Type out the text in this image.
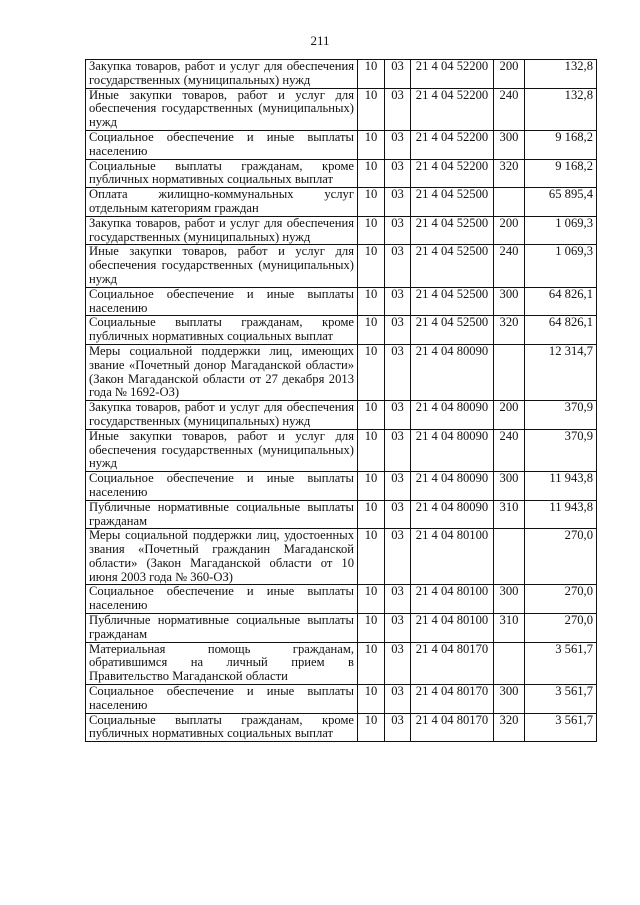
211
Закупка товаров, работ и услуг для обеспечения государственных (муниципальных) нужд	10	03	21 4 04 52200	200	132,8
Иные закупки товаров, работ и услуг для обеспечения государственных (муниципальных) нужд	10	03	21 4 04 52200	240	132,8
Социальное обеспечение и иные выплаты населению	10	03	21 4 04 52200	300	9 168,2
Социальные выплаты гражданам, кроме публичных нормативных социальных выплат	10	03	21 4 04 52200	320	9 168,2
Оплата жилищно-коммунальных услуг отдельным категориям граждан	10	03	21 4 04 52500		65 895,4
Закупка товаров, работ и услуг для обеспечения государственных (муниципальных) нужд	10	03	21 4 04 52500	200	1 069,3
Иные закупки товаров, работ и услуг для обеспечения государственных (муниципальных) нужд	10	03	21 4 04 52500	240	1 069,3
Социальное обеспечение и иные выплаты населению	10	03	21 4 04 52500	300	64 826,1
Социальные выплаты гражданам, кроме публичных нормативных социальных выплат	10	03	21 4 04 52500	320	64 826,1
Меры социальной поддержки лиц, имеющих звание «Почетный донор Магаданской области» (Закон Магаданской области от 27 декабря 2013 года № 1692-ОЗ)	10	03	21 4 04 80090		12 314,7
Закупка товаров, работ и услуг для обеспечения государственных (муниципальных) нужд	10	03	21 4 04 80090	200	370,9
Иные закупки товаров, работ и услуг для обеспечения государственных (муниципальных) нужд	10	03	21 4 04 80090	240	370,9
Социальное обеспечение и иные выплаты населению	10	03	21 4 04 80090	300	11 943,8
Публичные нормативные социальные выплаты гражданам	10	03	21 4 04 80090	310	11 943,8
Меры социальной поддержки лиц, удостоенных звания «Почетный гражданин Магаданской области» (Закон Магаданской области от 10 июня 2003 года № 360-ОЗ)	10	03	21 4 04 80100		270,0
Социальное обеспечение и иные выплаты населению	10	03	21 4 04 80100	300	270,0
Публичные нормативные социальные выплаты гражданам	10	03	21 4 04 80100	310	270,0
Материальная помощь гражданам, обратившимся на личный прием в Правительство Магаданской области	10	03	21 4 04 80170		3 561,7
Социальное обеспечение и иные выплаты населению	10	03	21 4 04 80170	300	3 561,7
Социальные выплаты гражданам, кроме публичных нормативных социальных выплат	10	03	21 4 04 80170	320	3 561,7
